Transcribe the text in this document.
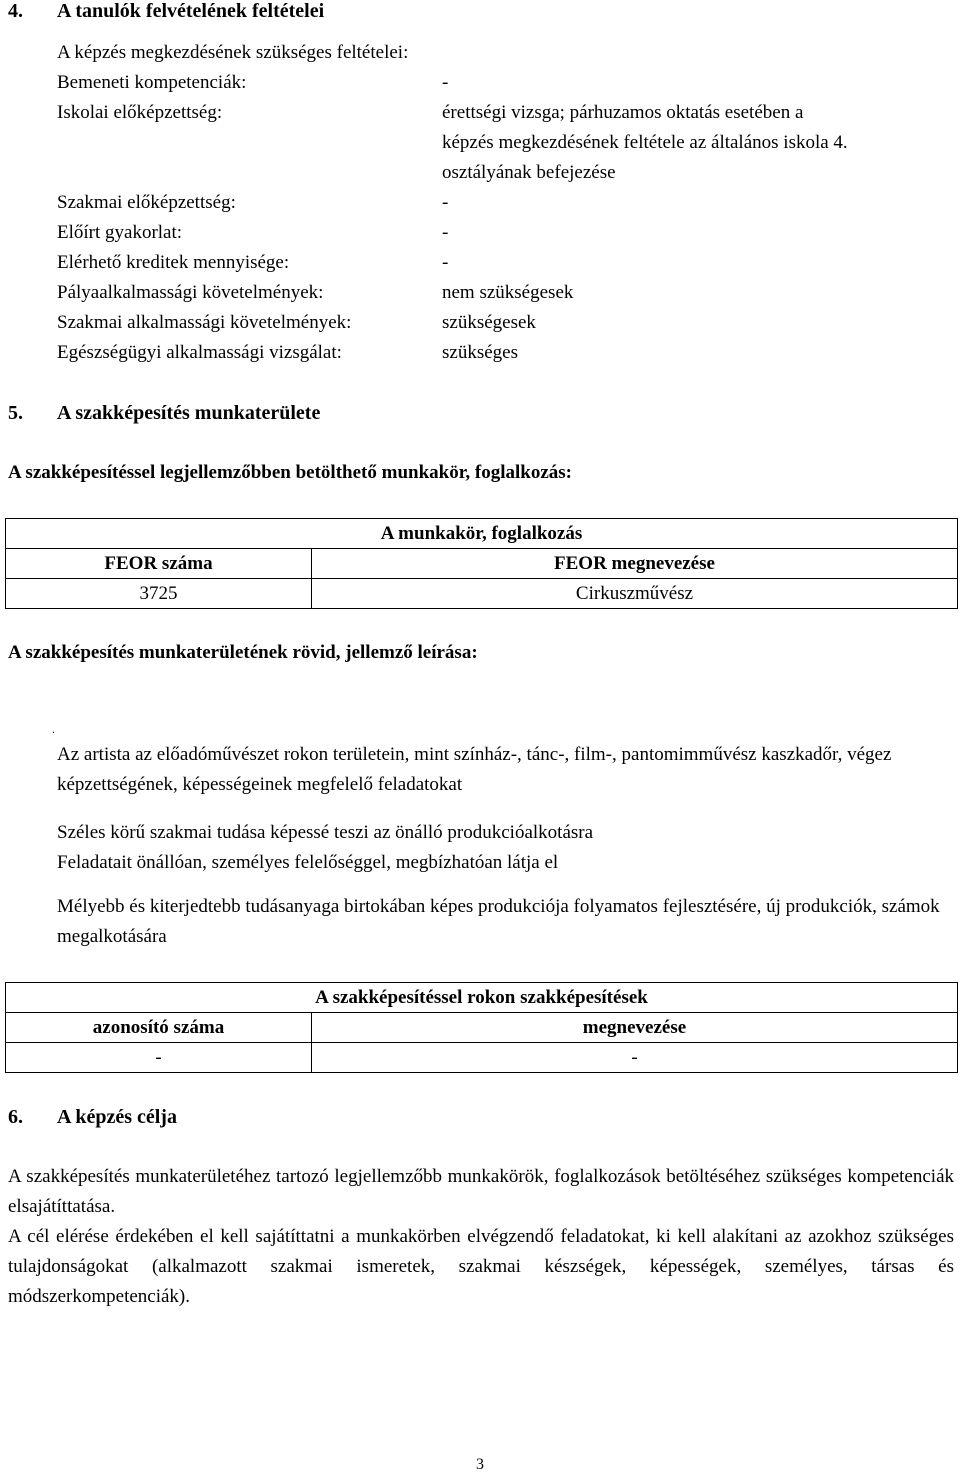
4. A tanulók felvételének feltételei
A képzés megkezdésének szükséges feltételei:
Bemeneti kompetenciák:	-
Iskolai előképzettség:	érettségi vizsga; párhuzamos oktatás esetében a
képzés megkezdésének feltétele az általános iskola 4.
osztályának befejezése
Szakmai előképzettség:	-
Előírt gyakorlat:	-
Elérhető kreditek mennyisége:	-
Pályaalkalmassági követelmények:	nem szükségesek
Szakmai alkalmassági követelmények:	szükségesek
Egészségügyi alkalmassági vizsgálat:	szükséges
5. A szakképesítés munkaterülete
A szakképesítéssel legjellemzőbben betölthető munkakör, foglalkozás:
A munkakör, foglalkozás	
FEOR száma	FEOR megnevezése
3725	Cirkuszművész
A szakképesítés munkaterületének rövid, jellemző leírása:
.
Az artista az előadóművészet rokon területein, mint színház-, tánc-, film-, pantomimművész kaszkadőr, végez képzettségének, képességeinek megfelelő feladatokat
Széles körű szakmai tudása képessé teszi az önálló produkcióalkotásra
Feladatait önállóan, személyes felelőséggel, megbízhatóan látja el
Mélyebb és kiterjedtebb tudásanyaga birtokában képes produkciója folyamatos fejlesztésére, új produkciók, számok megalkotására
A szakképesítéssel rokon szakképesítések	
azonosító száma	megnevezése
-	-
6. A képzés célja
A szakképesítés munkaterületéhez tartozó legjellemzőbb munkakörök, foglalkozások betöltéséhez szükséges kompetenciák elsajátíttatása.
A cél elérése érdekében el kell sajátíttatni a munkakörben elvégzendő feladatokat, ki kell alakítani az azokhoz szükséges tulajdonságokat (alkalmazott szakmai ismeretek, szakmai készségek, képességek, személyes, társas és módszerkompetenciák).
3
